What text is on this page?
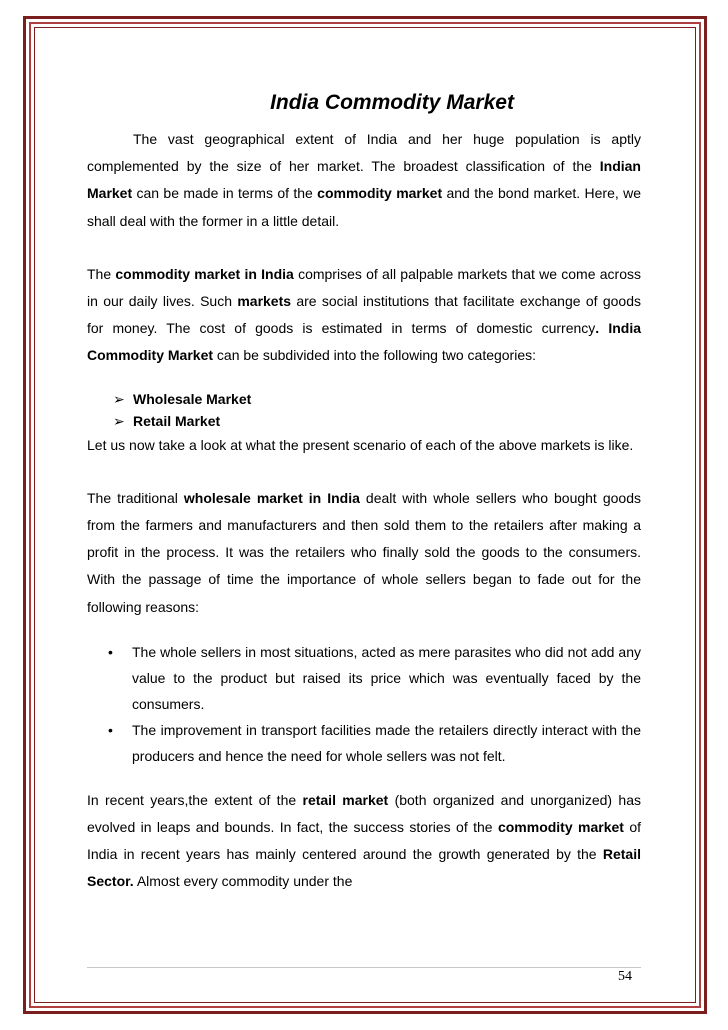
India Commodity Market

The vast geographical extent of India and her huge population is aptly complemented by the size of her market. The broadest classification of the Indian Market can be made in terms of the commodity market and the bond market. Here, we shall deal with the former in a little detail.

The commodity market in India comprises of all palpable markets that we come across in our daily lives. Such markets are social institutions that facilitate exchange of goods for money. The cost of goods is estimated in terms of domestic currency. India Commodity Market can be subdivided into the following two categories:

➢ Wholesale Market
➢ Retail Market

Let us now take a look at what the present scenario of each of the above markets is like.

The traditional wholesale market in India dealt with whole sellers who bought goods from the farmers and manufacturers and then sold them to the retailers after making a profit in the process. It was the retailers who finally sold the goods to the consumers. With the passage of time the importance of whole sellers began to fade out for the following reasons:

• The whole sellers in most situations, acted as mere parasites who did not add any value to the product but raised its price which was eventually faced by the consumers.
• The improvement in transport facilities made the retailers directly interact with the producers and hence the need for whole sellers was not felt.

In recent years,the extent of the retail market (both organized and unorganized) has evolved in leaps and bounds. In fact, the success stories of the commodity market of India in recent years has mainly centered around the growth generated by the Retail Sector. Almost every commodity under the

54
